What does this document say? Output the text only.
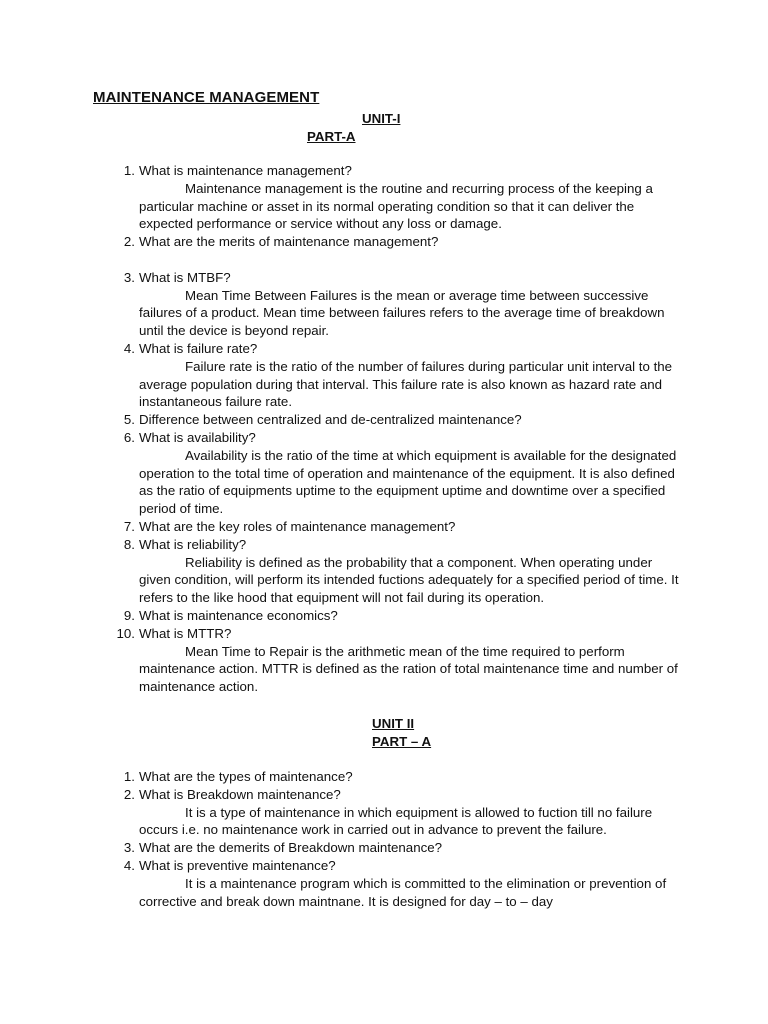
MAINTENANCE MANAGEMENT
UNIT-I
PART-A
1. What is maintenance management?
Maintenance management is the routine and recurring process of the keeping a particular machine or asset in its normal operating condition so that it can deliver the expected performance or service without any loss or damage.
2. What are the merits of maintenance management?
3. What is MTBF?
Mean Time Between Failures is the mean or average time between successive failures of a product. Mean time between failures refers to the average time of breakdown until the device is beyond repair.
4. What is failure rate?
Failure rate is the ratio of the number of failures during particular unit interval to the average population during that interval. This failure rate is also known as hazard rate and instantaneous failure rate.
5. Difference between centralized and de-centralized maintenance?
6. What is availability?
Availability is the ratio of the time at which equipment is available for the designated operation to the total time of operation and maintenance of the equipment. It is also defined as the ratio of equipments uptime to the equipment uptime and downtime over a specified period of time.
7. What are the key roles of maintenance management?
8. What is reliability?
Reliability is defined as the probability that a component. When operating under given condition, will perform its intended fuctions adequately for a specified period of time. It refers to the like hood that equipment will not fail during its operation.
9. What is maintenance economics?
10. What is MTTR?
Mean Time to Repair is the arithmetic mean of the time required to perform maintenance action. MTTR is defined as the ration of total maintenance time and number of maintenance action.
UNIT II
PART – A
1. What are the types of maintenance?
2. What is Breakdown maintenance?
It is a type of maintenance in which equipment is allowed to fuction till no failure occurs i.e. no maintenance work in carried out in advance to prevent the failure.
3. What are the demerits of Breakdown maintenance?
4. What is preventive maintenance?
It is a maintenance program which is committed to the elimination or prevention of corrective and break down maintnane. It is designed for day – to – day
